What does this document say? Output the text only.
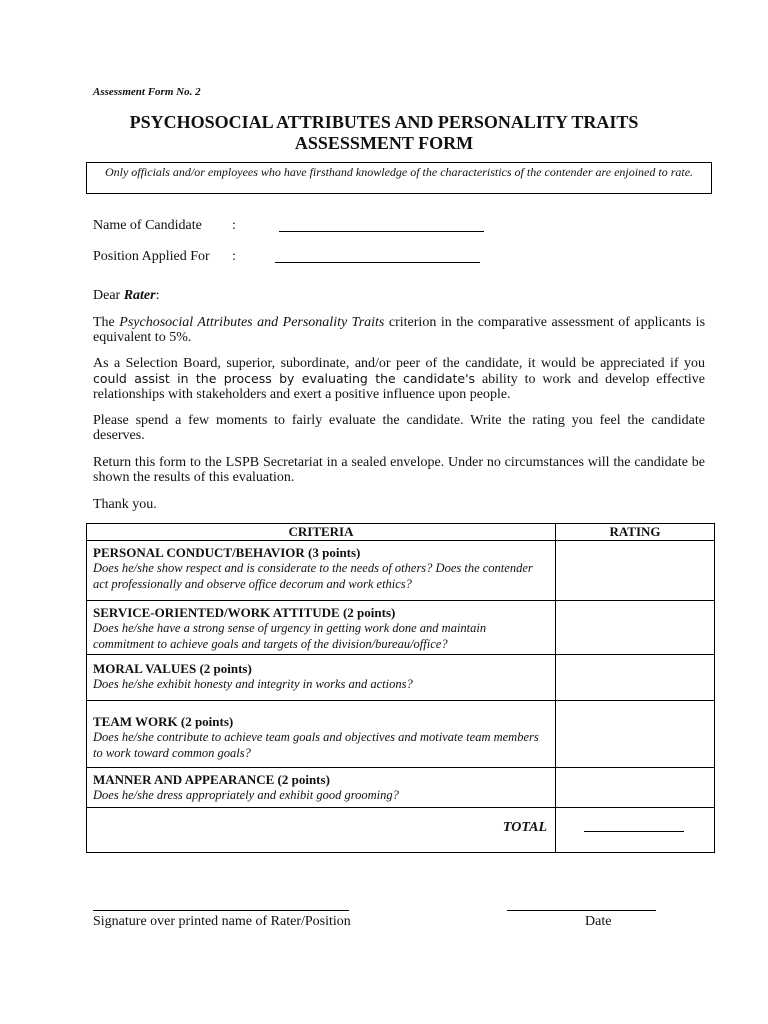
Assessment Form No. 2
PSYCHOSOCIAL ATTRIBUTES AND PERSONALITY TRAITS
ASSESSMENT FORM
Only officials and/or employees who have firsthand knowledge of the characteristics of the contender are enjoined to rate.
Name of Candidate :
Position Applied For :
Dear Rater:
The Psychosocial Attributes and Personality Traits criterion in the comparative assessment of applicants is equivalent to 5%.
As a Selection Board, superior, subordinate, and/or peer of the candidate, it would be appreciated if you could assist in the process by evaluating the candidate's ability to work and develop effective relationships with stakeholders and exert a positive influence upon people.
Please spend a few moments to fairly evaluate the candidate. Write the rating you feel the candidate deserves.
Return this form to the LSPB Secretariat in a sealed envelope. Under no circumstances will the candidate be shown the results of this evaluation.
Thank you.
CRITERIA	RATING

PERSONAL CONDUCT/BEHAVIOR (3 points)
Does he/she show respect and is considerate to the needs of others? Does the contender act professionally and observe office decorum and work ethics?	

SERVICE-ORIENTED/WORK ATTITUDE (2 points)
Does he/she have a strong sense of urgency in getting work done and maintain commitment to achieve goals and targets of the division/bureau/office?	

MORAL VALUES (2 points)
Does he/she exhibit honesty and integrity in works and actions?	

TEAM WORK (2 points)
Does he/she contribute to achieve team goals and objectives and motivate team members to work toward common goals?	

MANNER AND APPEARANCE (2 points)
Does he/she dress appropriately and exhibit good grooming?	

TOTAL	
Signature over printed name of Rater/Position	Date
